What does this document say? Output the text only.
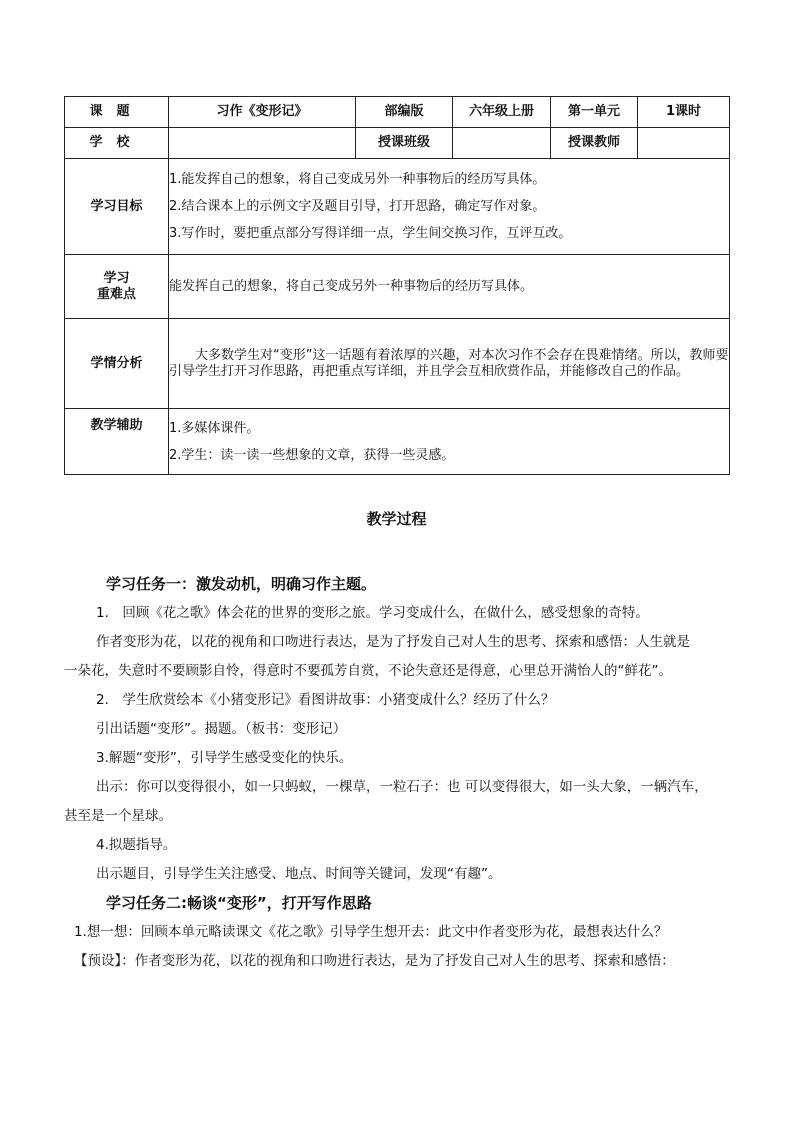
课题	习作《变形记》	部编版	六年级上册	第一单元	1课时
学校		授课班级		授课教师	
学习目标	1.能发挥自己的想象，将自己变成另外一种事物后的经历写具体。
2.结合课本上的示例文字及题目引导，打开思路，确定写作对象。
3.写作时，要把重点部分写得详细一点，学生间交换习作，互评互改。				

学习
重难点	能发挥自己的想象，将自己变成另外一种事物后的经历写具体。				

学情分析	大多数学生对“变形”这一话题有着浓厚的兴趣，对本次习作不会存在畏难情绪。所以，教师要引导学生打开习作思路，再把重点写详细，并且学会互相欣赏作品，并能修改自己的作品。				
教学辅助	1.多媒体课件。
2.学生：读一读一些想象的文章，获得一些灵感。				
教学过程

学习任务一：激发动机，明确习作主题。

1.　回顾《花之歌》体会花的世界的变形之旅。学习变成什么，在做什么，感受想象的奇特。

作者变形为花，以花的视角和口吻进行表达，是为了抒发自己对人生的思考、探索和感悟：人生就是

一朵花，失意时不要顾影自怜，得意时不要孤芳自赏，不论失意还是得意，心里总开满怡人的“鲜花”。

2.　学生欣赏绘本《小猪变形记》看图讲故事：小猪变成什么？经历了什么？

引出话题“变形”。揭题。（板书：变形记）

3.解题“变形”，引导学生感受变化的快乐。

出示：你可以变得很小，如一只蚂蚁，一棵草，一粒石子：也 可以变得很大，如一头大象，一辆汽车，

甚至是一个星球。

4.拟题指导。

出示题目，引导学生关注感受、地点、时间等关键词，发现“有趣”。

学习任务二:畅谈“变形”，打开写作思路

1.想一想：回顾本单元略读课文《花之歌》引导学生想开去：此文中作者变形为花，最想表达什么？

【预设】：作者变形为花，以花的视角和口吻进行表达，是为了抒发自己对人生的思考、探索和感悟：
